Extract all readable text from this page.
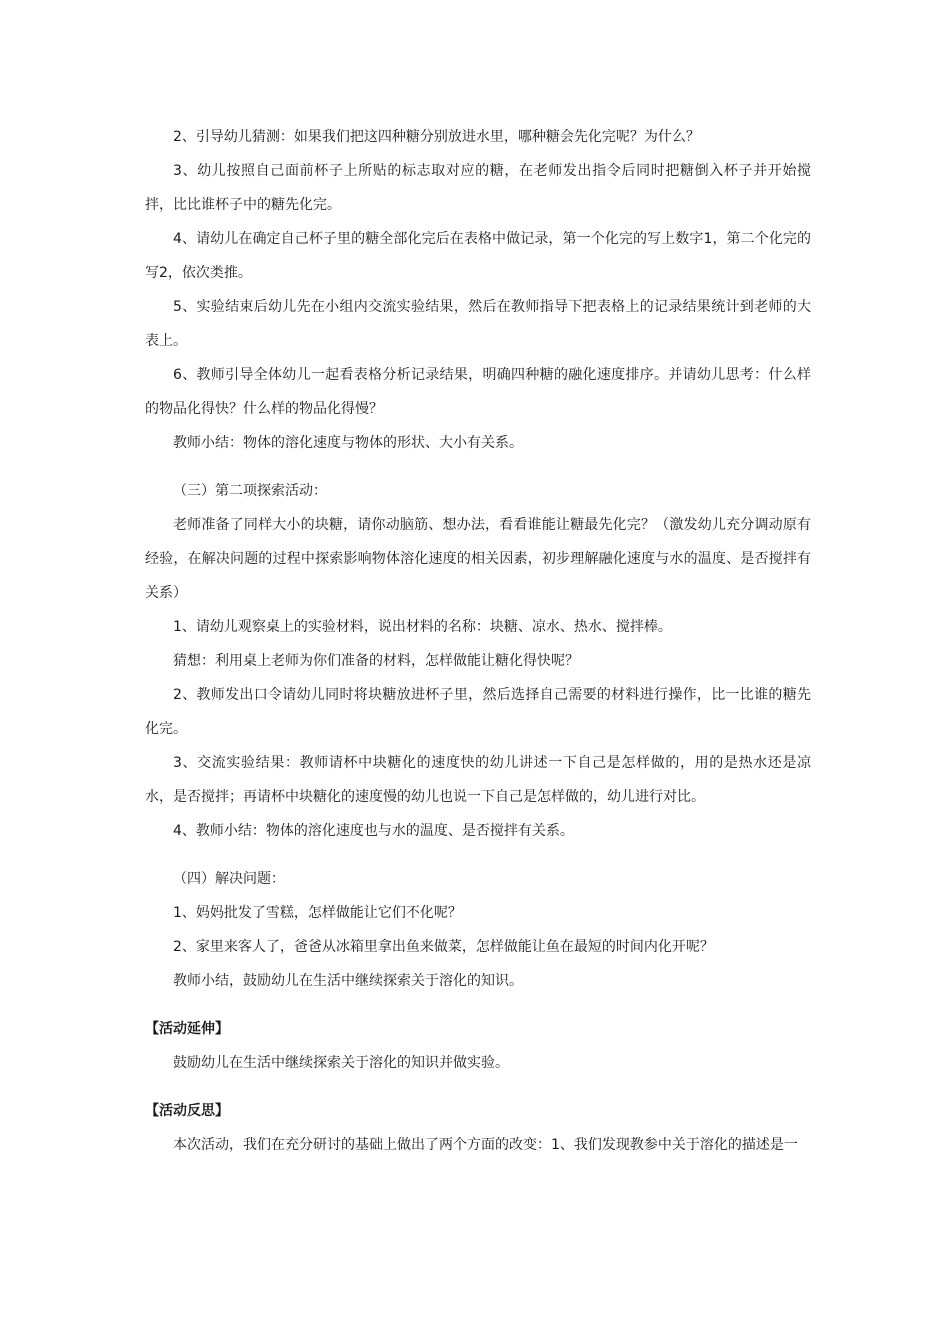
2、引导幼儿猜测：如果我们把这四种糖分别放进水里，哪种糖会先化完呢？为什么？

3、幼儿按照自己面前杯子上所贴的标志取对应的糖，在老师发出指令后同时把糖倒入杯子并开始搅拌，比比谁杯子中的糖先化完。

4、请幼儿在确定自己杯子里的糖全部化完后在表格中做记录，第一个化完的写上数字1，第二个化完的写2，依次类推。

5、实验结束后幼儿先在小组内交流实验结果，然后在教师指导下把表格上的记录结果统计到老师的大表上。

6、教师引导全体幼儿一起看表格分析记录结果，明确四种糖的融化速度排序。并请幼儿思考：什么样的物品化得快？什么样的物品化得慢？

教师小结：物体的溶化速度与物体的形状、大小有关系。

（三）第二项探索活动：

老师准备了同样大小的块糖，请你动脑筋、想办法，看看谁能让糖最先化完？（激发幼儿充分调动原有经验，在解决问题的过程中探索影响物体溶化速度的相关因素，初步理解融化速度与水的温度、是否搅拌有关系）

1、请幼儿观察桌上的实验材料，说出材料的名称：块糖、凉水、热水、搅拌棒。

猜想：利用桌上老师为你们准备的材料，怎样做能让糖化得快呢？

2、教师发出口令请幼儿同时将块糖放进杯子里，然后选择自己需要的材料进行操作，比一比谁的糖先化完。

3、交流实验结果：教师请杯中块糖化的速度快的幼儿讲述一下自己是怎样做的，用的是热水还是凉水，是否搅拌；再请杯中块糖化的速度慢的幼儿也说一下自己是怎样做的，幼儿进行对比。

4、教师小结：物体的溶化速度也与水的温度、是否搅拌有关系。

（四）解决问题：

1、妈妈批发了雪糕，怎样做能让它们不化呢？

2、家里来客人了，爸爸从冰箱里拿出鱼来做菜，怎样做能让鱼在最短的时间内化开呢？

教师小结，鼓励幼儿在生活中继续探索关于溶化的知识。

【活动延伸】

鼓励幼儿在生活中继续探索关于溶化的知识并做实验。

【活动反思】

本次活动，我们在充分研讨的基础上做出了两个方面的改变：1、我们发现教参中关于溶化的描述是一
